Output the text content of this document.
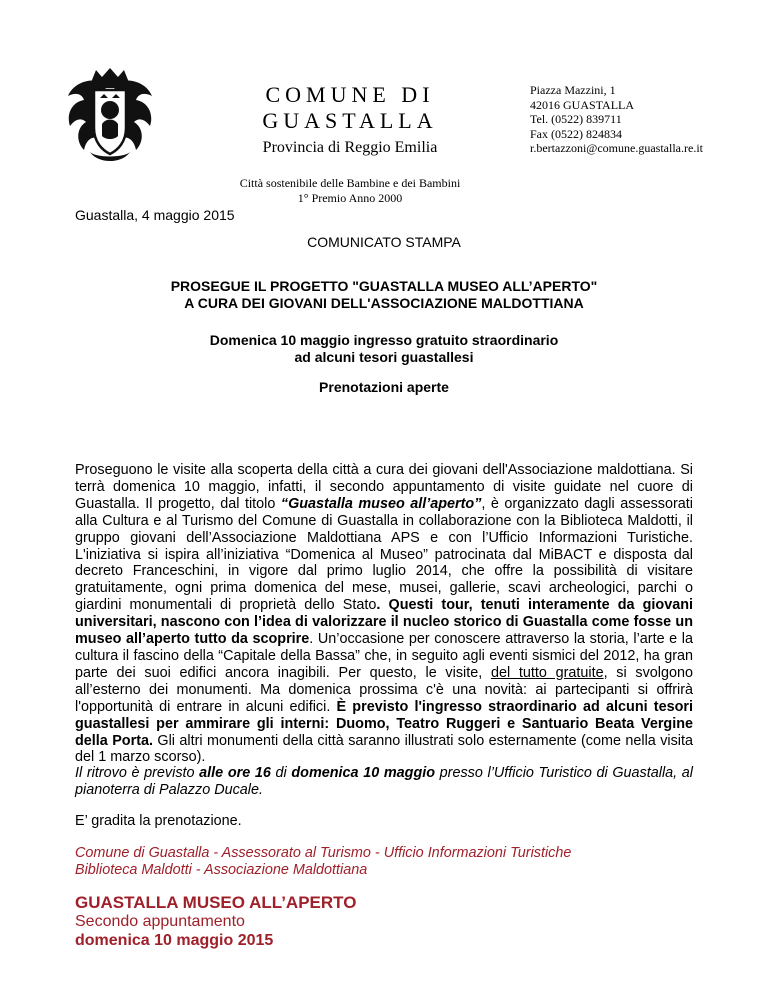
COMUNE DI GUASTALLA
Provincia di Reggio Emilia
Città sostenibile delle Bambine e dei Bambini
1° Premio Anno 2000
Piazza Mazzini, 1
42016 GUASTALLA
Tel. (0522) 839711
Fax (0522) 824834
r.bertazzoni@comune.guastalla.re.it
Guastalla, 4 maggio 2015
COMUNICATO STAMPA
PROSEGUE IL PROGETTO "GUASTALLA MUSEO ALL’APERTO"
A CURA DEI GIOVANI DELL'ASSOCIAZIONE MALDOTTIANA
Domenica 10 maggio ingresso gratuito straordinario
ad alcuni tesori guastallesi
Prenotazioni aperte
Proseguono le visite alla scoperta della città a cura dei giovani dell'Associazione maldottiana. Si terrà domenica 10 maggio, infatti, il secondo appuntamento di visite guidate nel cuore di Guastalla. Il progetto, dal titolo “Guastalla museo all’aperto”, è organizzato dagli assessorati alla Cultura e al Turismo del Comune di Guastalla in collaborazione con la Biblioteca Maldotti, il gruppo giovani dell’Associazione Maldottiana APS e con l’Ufficio Informazioni Turistiche. L'iniziativa si ispira all’iniziativa “Domenica al Museo” patrocinata dal MiBACT e disposta dal decreto Franceschini, in vigore dal primo luglio 2014, che offre la possibilità di visitare gratuitamente, ogni prima domenica del mese, musei, gallerie, scavi archeologici, parchi o giardini monumentali di proprietà dello Stato. Questi tour, tenuti interamente da giovani universitari, nascono con l’idea di valorizzare il nucleo storico di Guastalla come fosse un museo all’aperto tutto da scoprire. Un’occasione per conoscere attraverso la storia, l’arte e la cultura il fascino della “Capitale della Bassa” che, in seguito agli eventi sismici del 2012, ha gran parte dei suoi edifici ancora inagibili. Per questo, le visite, del tutto gratuite, si svolgono all’esterno dei monumenti. Ma domenica prossima c'è una novità: ai partecipanti si offrirà l'opportunità di entrare in alcuni edifici. È previsto l'ingresso straordinario ad alcuni tesori guastallesi per ammirare gli interni: Duomo, Teatro Ruggeri e Santuario Beata Vergine della Porta. Gli altri monumenti della città saranno illustrati solo esternamente (come nella visita del 1 marzo scorso).
Il ritrovo è previsto alle ore 16 di domenica 10 maggio presso l’Ufficio Turistico di Guastalla, al pianoterra di Palazzo Ducale.
E’ gradita la prenotazione.
Comune di Guastalla - Assessorato al Turismo - Ufficio Informazioni Turistiche
Biblioteca Maldotti - Associazione Maldottiana
GUASTALLA MUSEO ALL’APERTO
Secondo appuntamento
domenica 10 maggio 2015
